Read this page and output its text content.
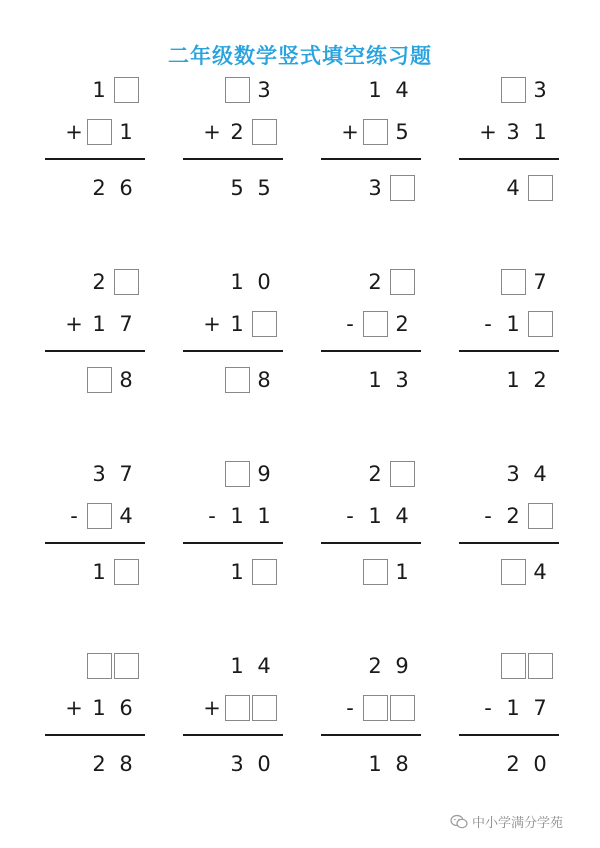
二年级数学竖式填空练习题
1
+	1
2 6
3
+ 2
5 5
1 4
+	5
3
3
+ 3 1
4
2
+ 1 7
8
1 0
+ 1
8
2
-	2
1 3
7
- 1
1 2
3 7
-	4
1
9
- 1 1
1
2
- 1 4
1
3 4
- 2
4
+ 1 6
2 8
1 4
+
3 0
2 9
-
1 8
- 1 7
2 0
中小学满分学苑
